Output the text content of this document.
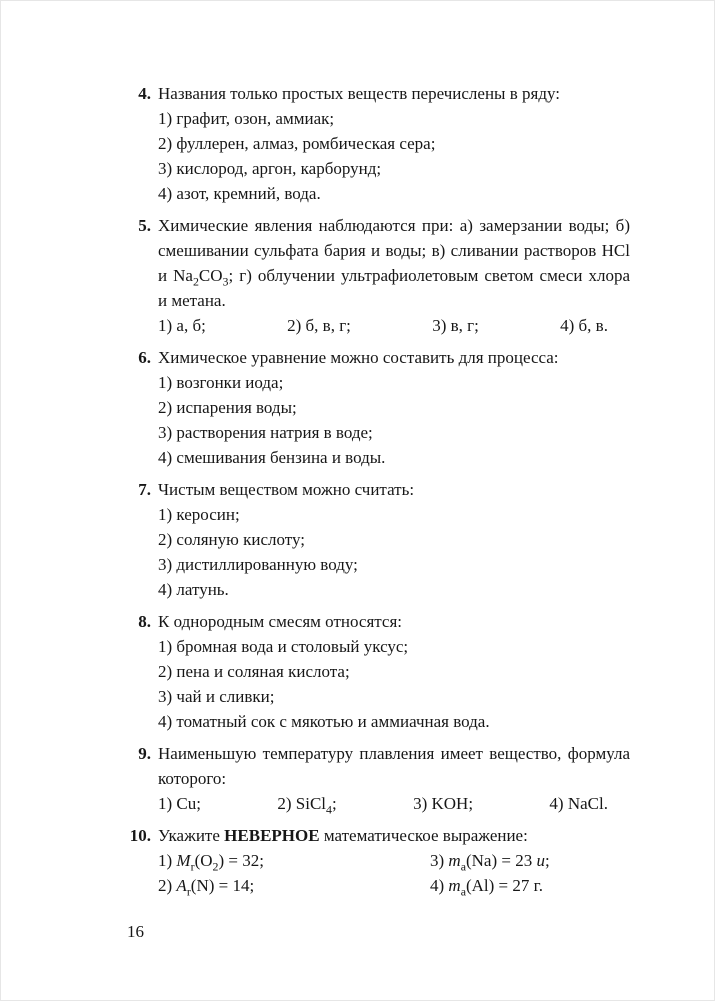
4. Названия только простых веществ перечислены в ряду:
1) графит, озон, аммиак;
2) фуллерен, алмаз, ромбическая сера;
3) кислород, аргон, карборунд;
4) азот, кремний, вода.
5. Химические явления наблюдаются при: а) замерзании воды; б) смешивании сульфата бария и воды; в) сливании растворов HCl и $Na_2CO_3$; г) облучении ультрафиолетовым светом смеси хлора и метана.
1) а, б;	2) б, в, г;	3) в, г;	4) б, в.
6. Химическое уравнение можно составить для процесса:
1) возгонки иода;
2) испарения воды;
3) растворения натрия в воде;
4) смешивания бензина и воды.
7. Чистым веществом можно считать:
1) керосин;
2) соляную кислоту;
3) дистиллированную воду;
4) латунь.
8. К однородным смесям относятся:
1) бромная вода и столовый уксус;
2) пена и соляная кислота;
3) чай и сливки;
4) томатный сок с мякотью и аммиачная вода.
9. Наименьшую температуру плавления имеет вещество, формула которого:
1) Cu;	2) SiCl$_4$;	3) KOH;	4) NaCl.
10. Укажите НЕВЕРНОЕ математическое выражение:
1) $M_r(O_2) = 32$;	3) $m_a(Na) = 23$ u;
2) $A_r(N) = 14$;	4) $m_a(Al) = 27$ г.
16
